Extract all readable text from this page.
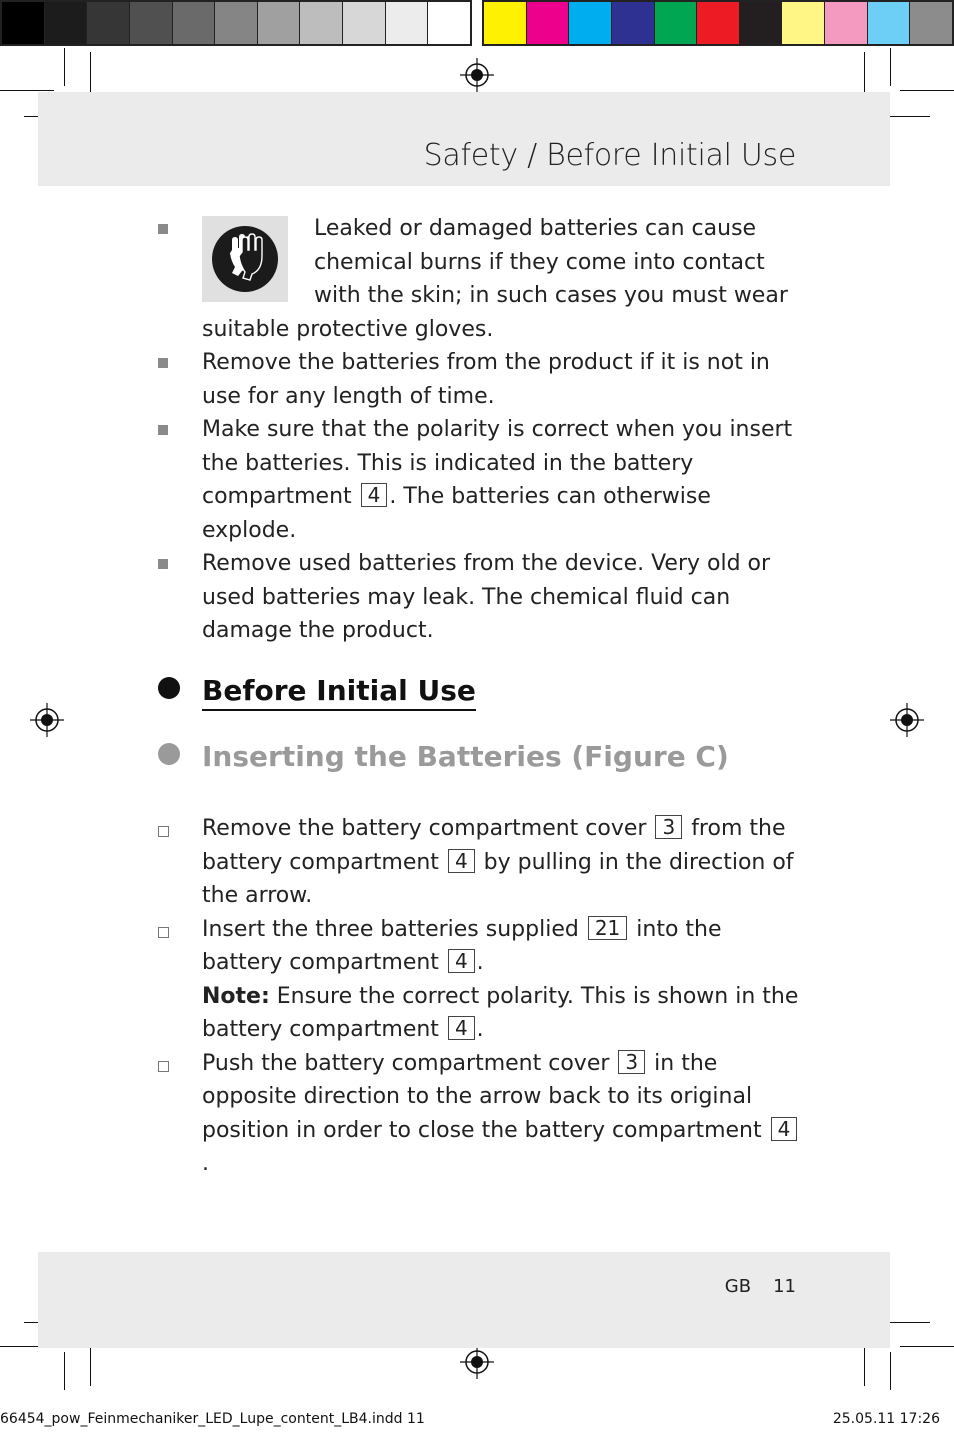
Safety / Before Initial Use
Leaked or damaged batteries can cause chemical burns if they come into contact with the skin; in such cases you must wear suitable protective gloves.
Remove the batteries from the product if it is not in use for any length of time.
Make sure that the polarity is correct when you insert the batteries. This is indicated in the battery compartment 4 . The batteries can otherwise explode.
Remove used batteries from the device. Very old or used batteries may leak. The chemical fluid can damage the product.
Before Initial Use
Inserting the Batteries (Figure C)
Remove the battery compartment cover 3 from the battery compartment 4 by pulling in the direction of the arrow.
Insert the three batteries supplied 21 into the battery compartment 4 .
Note: Ensure the correct polarity. This is shown in the battery compartment 4 .
Push the battery compartment cover 3 in the opposite direction to the arrow back to its original position in order to close the battery compartment 4.
GB 11
66454_pow_Feinmechaniker_LED_Lupe_content_LB4.indd 11	25.05.11 17:26
